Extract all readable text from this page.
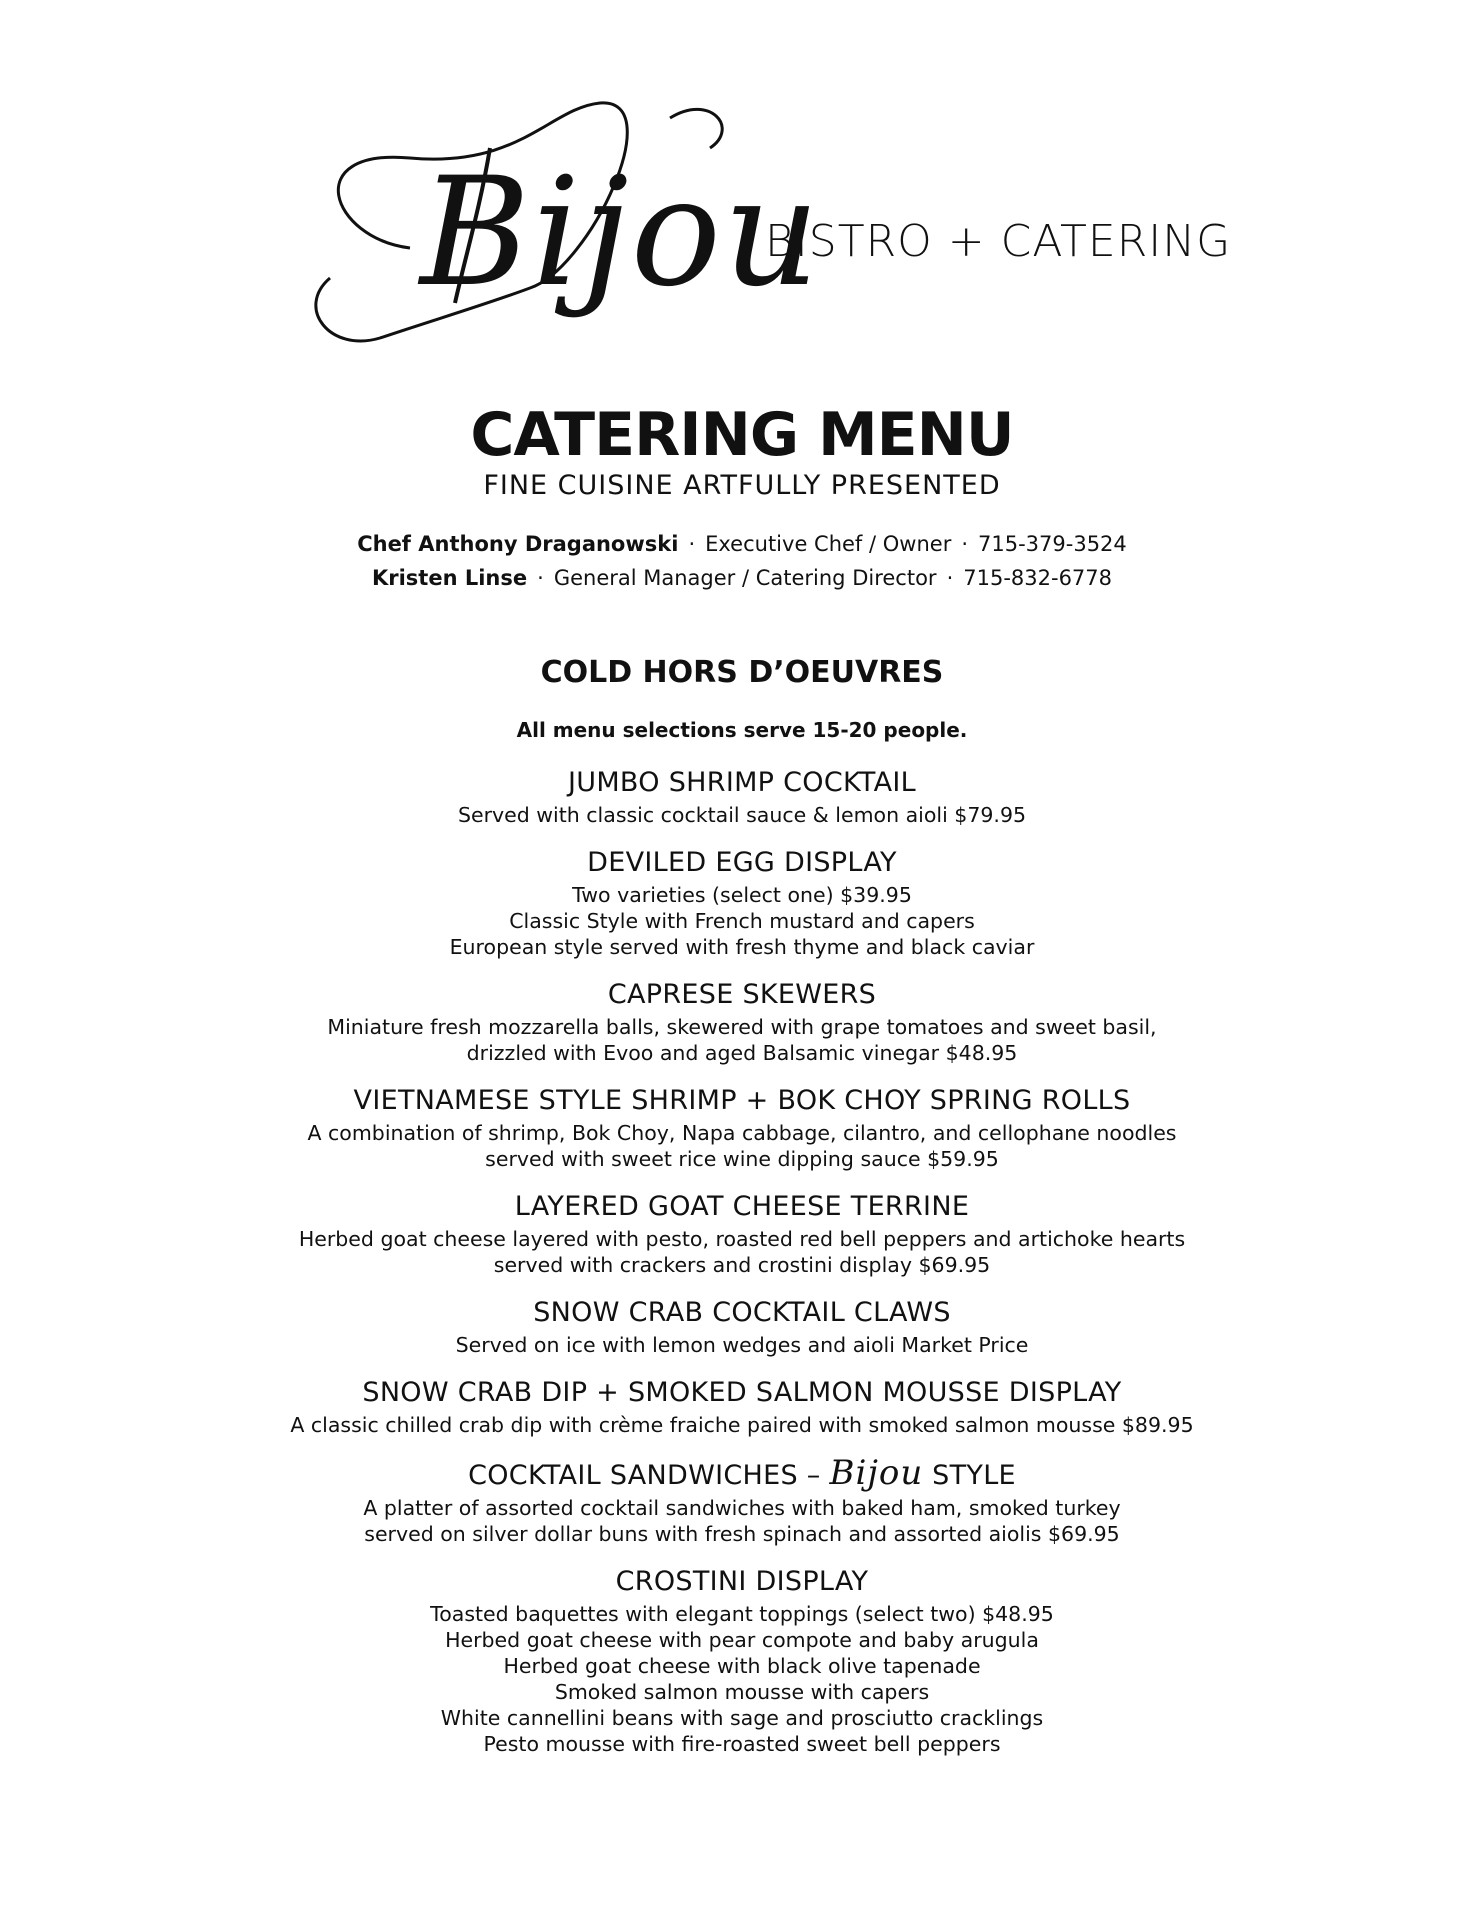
Bijou
BISTRO + CATERING
CATERING MENU
FINE CUISINE ARTFULLY PRESENTED
Chef Anthony Draganowski · Executive Chef / Owner · 715-379-3524
Kristen Linse · General Manager / Catering Director · 715-832-6778
COLD HORS D’OEUVRES
All menu selections serve 15-20 people.
JUMBO SHRIMP COCKTAIL
Served with classic cocktail sauce & lemon aioli $79.95
DEVILED EGG DISPLAY
Two varieties (select one) $39.95
Classic Style with French mustard and capers
European style served with fresh thyme and black caviar
CAPRESE SKEWERS
Miniature fresh mozzarella balls, skewered with grape tomatoes and sweet basil,
drizzled with Evoo and aged Balsamic vinegar $48.95
VIETNAMESE STYLE SHRIMP + BOK CHOY SPRING ROLLS
A combination of shrimp, Bok Choy, Napa cabbage, cilantro, and cellophane noodles
served with sweet rice wine dipping sauce $59.95
LAYERED GOAT CHEESE TERRINE
Herbed goat cheese layered with pesto, roasted red bell peppers and artichoke hearts
served with crackers and crostini display $69.95
SNOW CRAB COCKTAIL CLAWS
Served on ice with lemon wedges and aioli Market Price
SNOW CRAB DIP + SMOKED SALMON MOUSSE DISPLAY
A classic chilled crab dip with crème fraiche paired with smoked salmon mousse $89.95
COCKTAIL SANDWICHES – Bijou STYLE
A platter of assorted cocktail sandwiches with baked ham, smoked turkey
served on silver dollar buns with fresh spinach and assorted aiolis $69.95
CROSTINI DISPLAY
Toasted baquettes with elegant toppings (select two) $48.95
Herbed goat cheese with pear compote and baby arugula
Herbed goat cheese with black olive tapenade
Smoked salmon mousse with capers
White cannellini beans with sage and prosciutto cracklings
Pesto mousse with fire-roasted sweet bell peppers
